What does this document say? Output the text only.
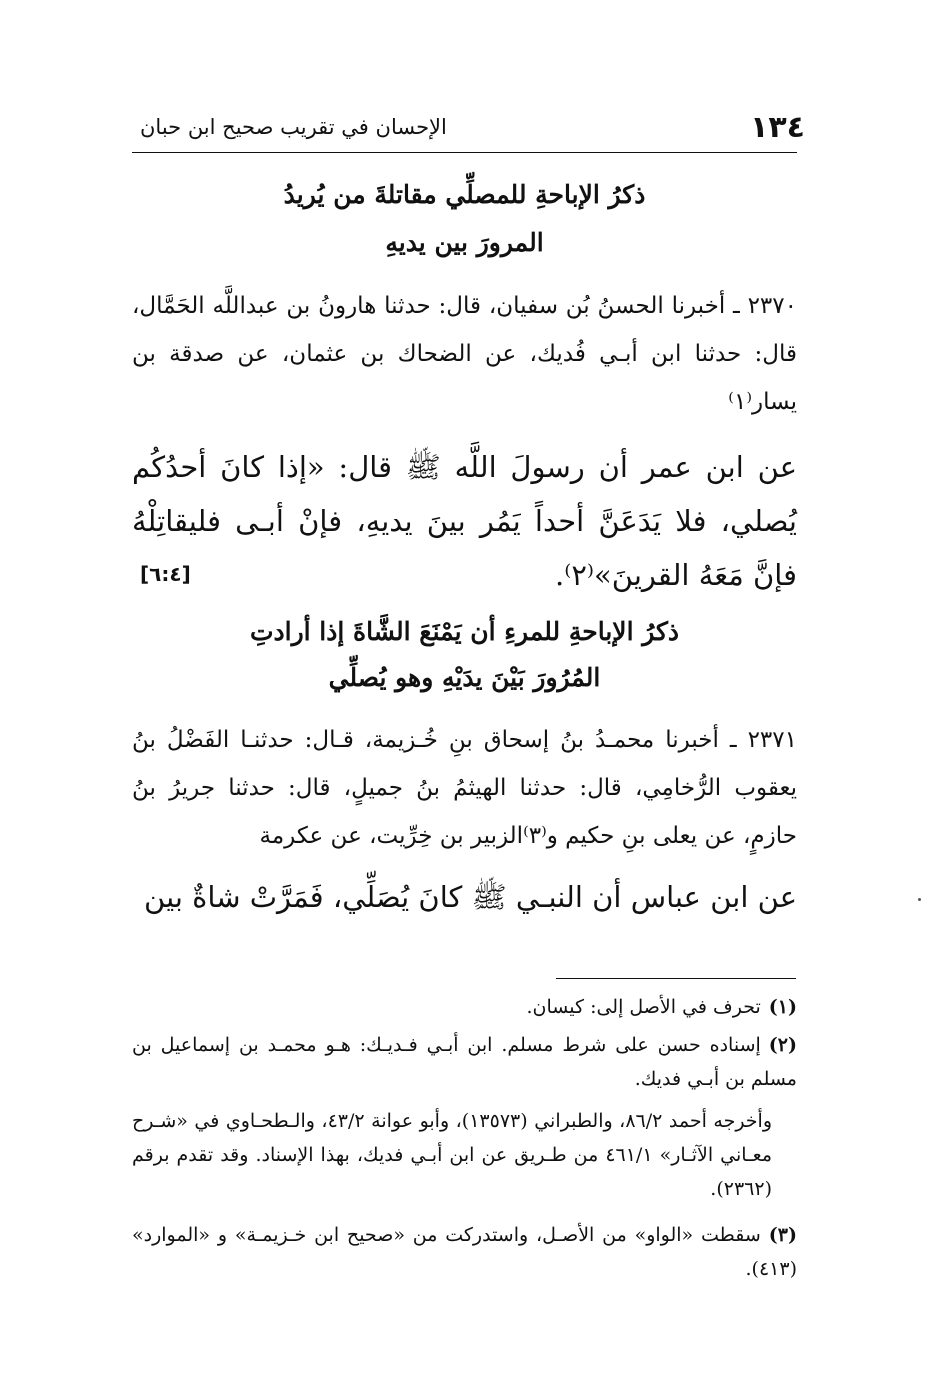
١٣٤
الإحسان في تقريب صحيح ابن حبان
ذكرُ الإباحةِ للمصلِّي مقاتلةَ من يُريدُ
المرورَ بين يديهِ
٢٣٧٠ ـ أخبرنا الحسنُ بُن سفيان، قال: حدثنا هارونُ بن عبداللَّه الحَمَّال، قال: حدثنا ابن أبـي فُديك، عن الضحاك بن عثمان، عن صدقة بن يسار⁽١⁾
عن ابن عمر أن رسولَ اللَّه ﷺ قال: «إذا كانَ أحدُكُم يُصلي، فلا يَدَعَنَّ أحداً يَمُر بينَ يديهِ، فإنْ أبـى فليقاتِلْهُ فإنَّ مَعَهُ القرينَ»⁽٢⁾.
[٦:٤]
ذكرُ الإباحةِ للمرءِ أن يَمْنَعَ الشَّاةَ إذا أرادتِ
المُرُورَ بَيْنَ يدَيْهِ وهو يُصلِّي
٢٣٧١ ـ أخبرنا محمـدُ بنُ إسحاق بنِ خُـزيمة، قـال: حدثنـا الفَضْلُ بنُ يعقوب الرُّخامِي، قال: حدثنا الهيثمُ بنُ جميلٍ، قال: حدثنا جريرُ بنُ حازمٍ، عن يعلى بنِ حكيم و⁽٣⁾الزبير بن خِرِّيت، عن عكرمة
عن ابن عباس أن النبـي ﷺ كانَ يُصَلِّي، فَمَرَّتْ شاةٌ بين
(١)تحرف في الأصل إلى: كيسان.
(٢)إسناده حسن على شرط مسلم. ابن أبـي فـديـك: هـو محمـد بن إسماعيل بن مسلم بن أبـي فديك.
وأخرجه أحمد ٨٦/٢، والطبراني (١٣٥٧٣)، وأبو عوانة ٤٣/٢، والـطحـاوي في «شـرح معـاني الآثـار» ٤٦١/١ من طـريق عن ابن أبـي فديك، بهذا الإسناد. وقد تقدم برقم (٢٣٦٢).
(٣)سقطت «الواو» من الأصـل، واستدركت من «صحيح ابن خـزيمـة» و «الموارد» (٤١٣).
